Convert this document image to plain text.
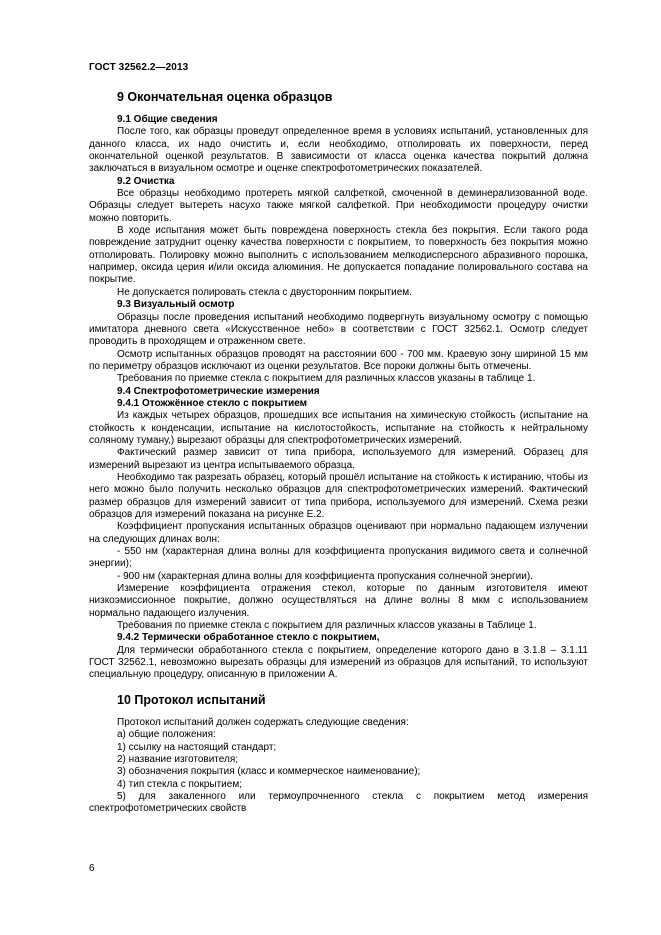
ГОСТ 32562.2—2013

9 Окончательная оценка образцов

9.1 Общие сведения

После того, как образцы проведут определенное время в условиях испытаний, установленных для данного класса, их надо очистить и, если необходимо, отполировать их поверхности, перед окончательной оценкой результатов. В зависимости от класса оценка качества покрытий должна заключаться в визуальном осмотре и оценке спектрофотометрических показателей.

9.2 Очистка

Все образцы необходимо протереть мягкой салфеткой, смоченной в деминерализованной воде. Образцы следует вытереть насухо также мягкой салфеткой. При необходимости процедуру очистки можно повторить.

В ходе испытания может быть повреждена поверхность стекла без покрытия. Если такого рода повреждение затруднит оценку качества поверхности с покрытием, то поверхность без покрытия можно отполировать. Полировку можно выполнить с использованием мелкодисперсного абразивного порошка, например, оксида церия и/или оксида алюминия. Не допускается попадание полировального состава на покрытие.

Не допускается полировать стекла с двусторонним покрытием.

9.3 Визуальный осмотр

Образцы после проведения испытаний необходимо подвергнуть визуальному осмотру с помощью имитатора дневного света «Искусственное небо» в соответствии с ГОСТ 32562.1. Осмотр следует проводить в проходящем и отраженном свете.

Осмотр испытанных образцов проводят на расстоянии 600 - 700 мм. Краевую зону шириной 15 мм по периметру образцов исключают из оценки результатов. Все пороки должны быть отмечены.

Требования по приемке стекла с покрытием для различных классов указаны в таблице 1.

9.4 Спектрофотометрические измерения

9.4.1 Отожжённое стекло с покрытием

Из каждых четырех образцов, прошедших все испытания на химическую стойкость (испытание на стойкость к конденсации, испытание на кислотостойкость, испытание на стойкость к нейтральному соляному туману,) вырезают образцы для спектрофотометрических измерений.

Фактический размер зависит от типа прибора, используемого для измерений. Образец для измерений вырезают из центра испытываемого образца.

Необходимо так разрезать образец, который прошёл испытание на стойкость к истиранию, чтобы из него можно было получить несколько образцов для спектрофотометрических измерений. Фактический размер образцов для измерений зависит от типа прибора, используемого для измерений. Схема резки образцов для измерений показана на рисунке Е.2.

Коэффициент пропускания испытанных образцов оценивают при нормально падающем излучении на следующих длинах волн:

- 550 нм (характерная длина волны для коэффициента пропускания видимого света и солнечной энергии);

- 900 нм (характерная длина волны для коэффициента пропускания солнечной энергии).

Измерение коэффициента отражения стекол, которые по данным изготовителя имеют низкоэмиссионное покрытие, должно осуществляться на длине волны 8 мкм с использованием нормально падающего излучения.

Требования по приемке стекла с покрытием для различных классов указаны в Таблице 1.

9.4.2 Термически обработанное стекло с покрытием,

Для термически обработанного стекла с покрытием, определение которого дано в 3.1.8 – 3.1.11 ГОСТ 32562.1, невозможно вырезать образцы для измерений из образцов для испытаний, то используют специальную процедуру, описанную в приложении А.

10 Протокол испытаний

Протокол испытаний должен содержать следующие сведения:

а) общие положения:

1) ссылку на настоящий стандарт;

2) название изготовителя;

3) обозначения покрытия (класс и коммерческое наименование);

4) тип стекла с покрытием;

5) для закаленного или термоупрочненного стекла с покрытием метод измерения спектрофотометрических свойств

6
